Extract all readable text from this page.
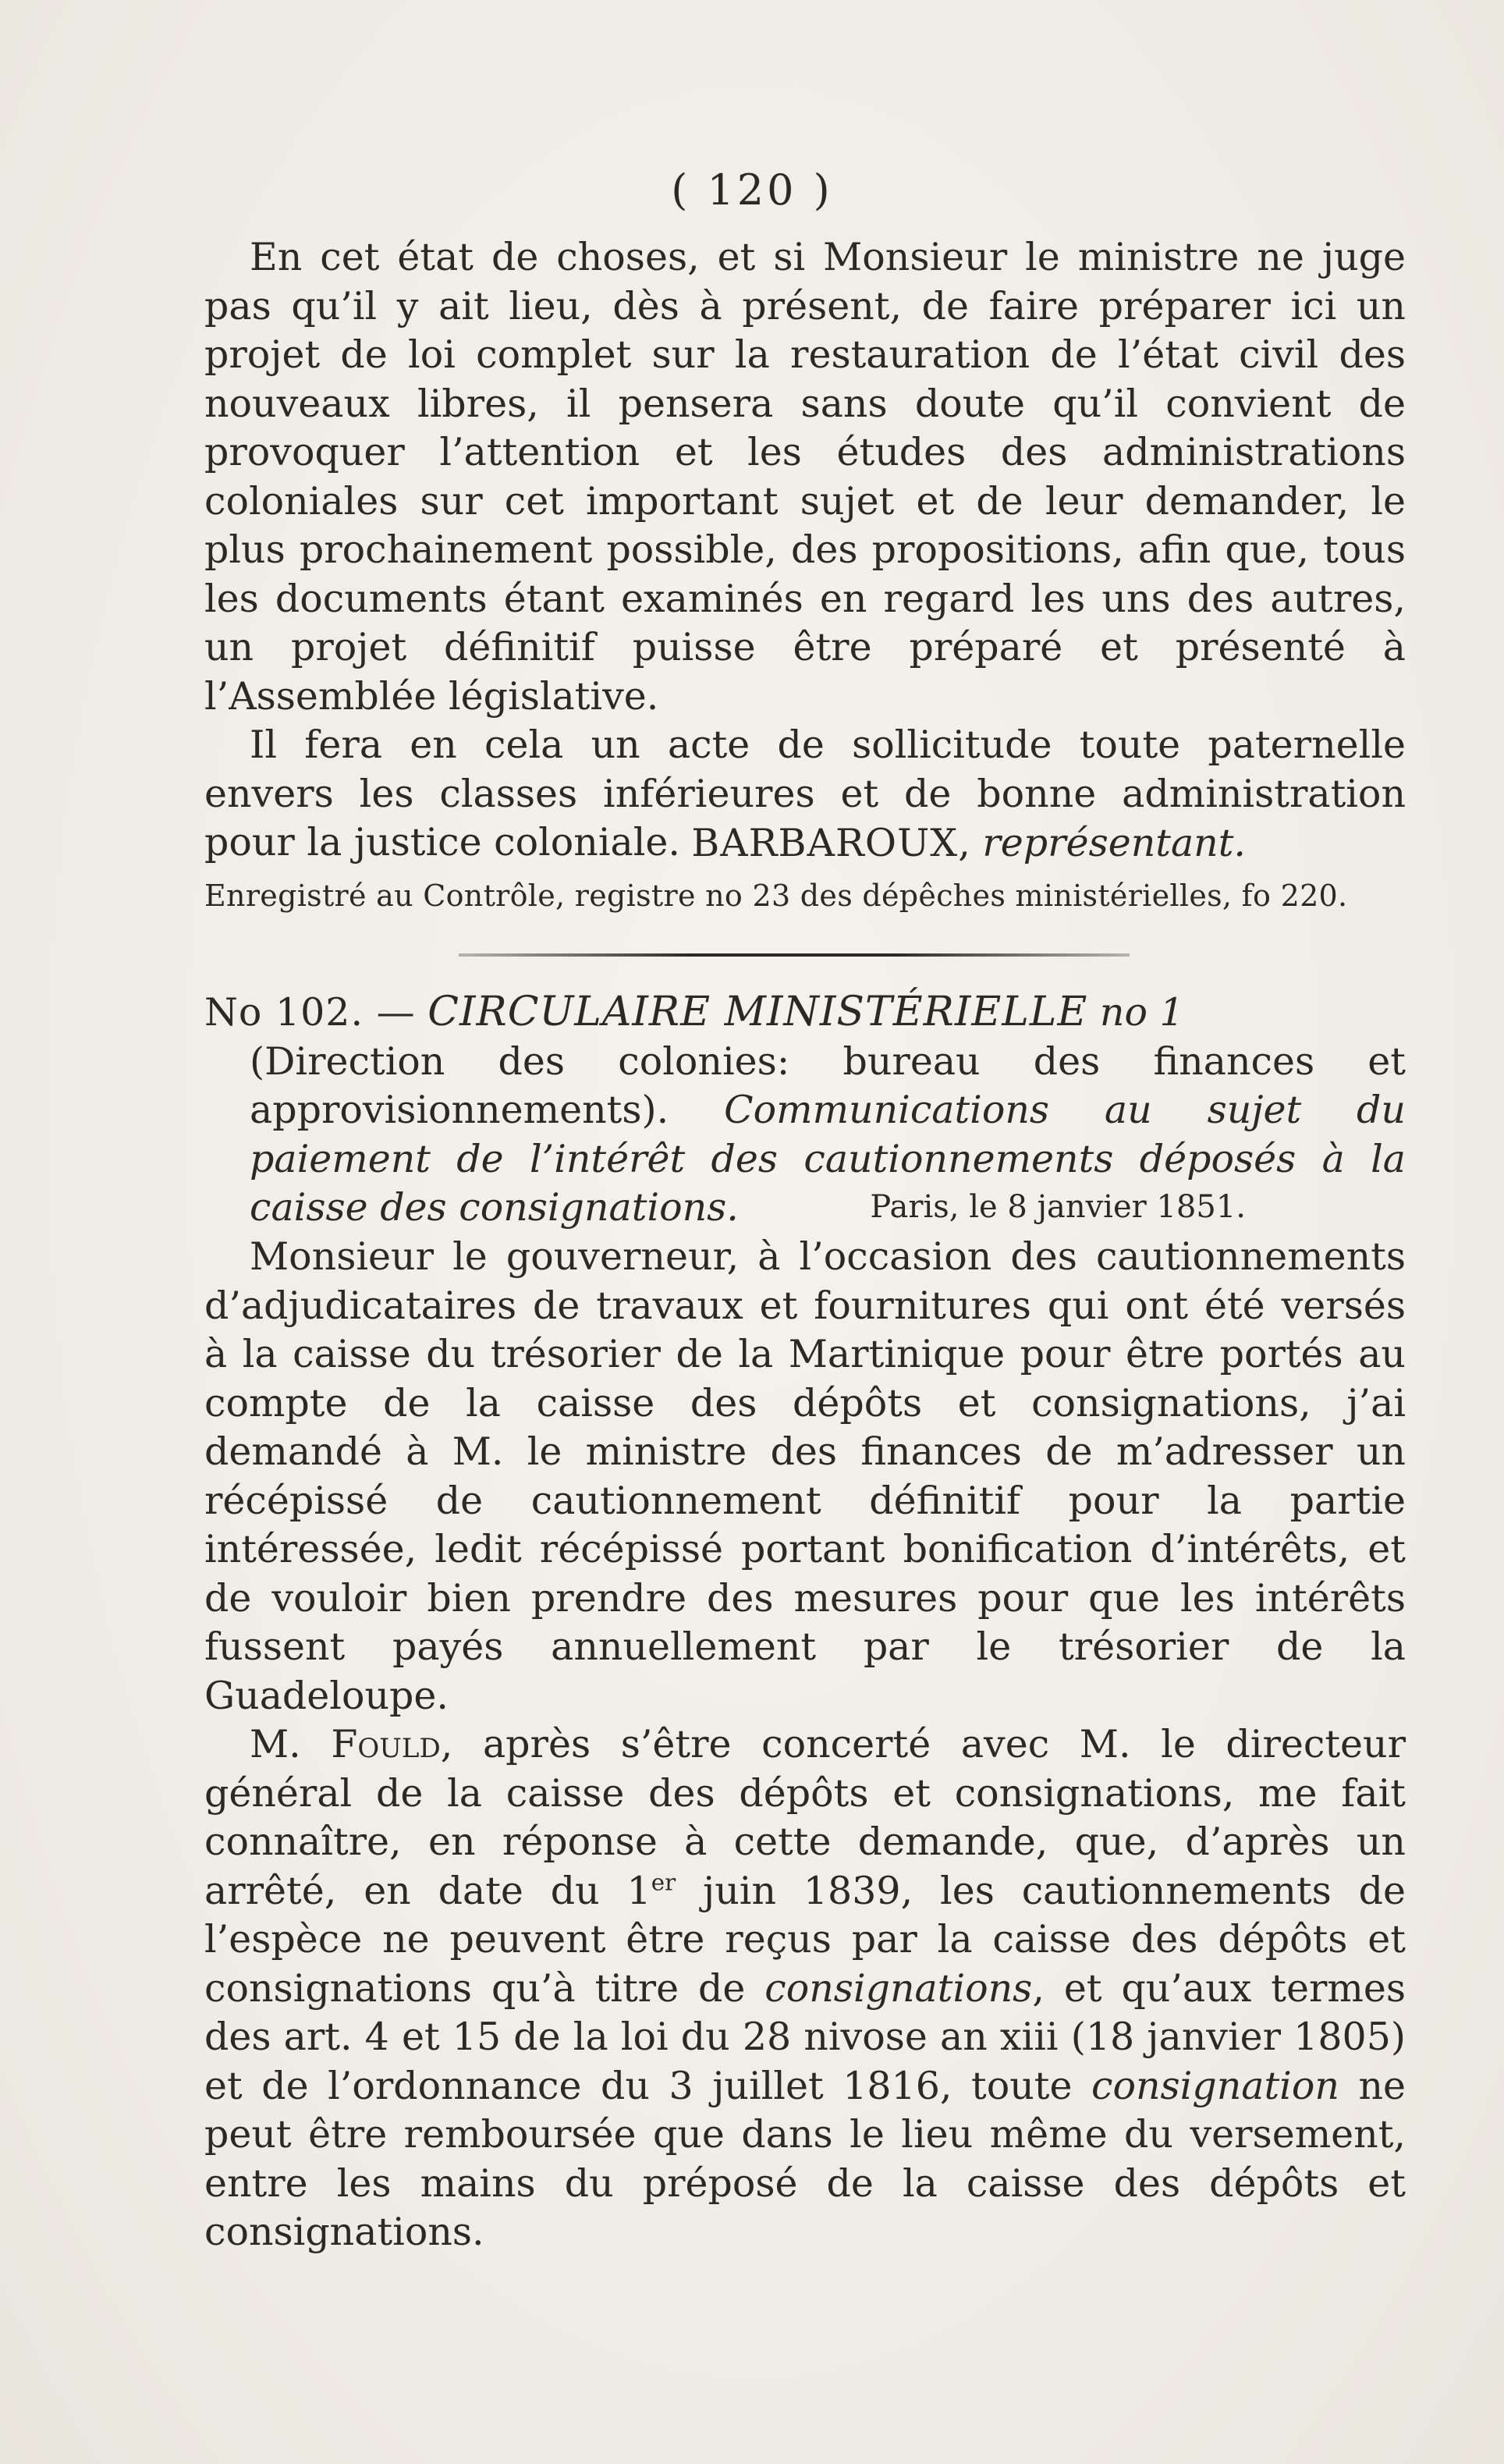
( 120 )

En cet état de choses, et si Monsieur le ministre ne juge pas qu’il y ait lieu, dès à présent, de faire préparer ici un projet de loi complet sur la restauration de l’état civil des nouveaux libres, il pensera sans doute qu’il convient de provoquer l’attention et les études des administrations coloniales sur cet important sujet et de leur demander, le plus prochainement possible, des propositions, afin que, tous les documents étant examinés en regard les uns des autres, un projet définitif puisse être préparé et présenté à l’Assemblée législative.

Il fera en cela un acte de sollicitude toute paternelle envers les classes inférieures et de bonne administration pour la justice coloniale. BARBAROUX, représentant.
Enregistré au Contrôle, registre no 23 des dépêches ministérielles, fo 220.
No 102. — CIRCULAIRE MINISTÉRIELLE no 1
(Direction des colonies: bureau des finances et approvisionnements). Communications au sujet du paiement de l’intérêt des cautionnements déposés à la caisse des consignations.	Paris, le 8 janvier 1851.

Monsieur le gouverneur, à l’occasion des cautionnements d’adjudicataires de travaux et fournitures qui ont été versés à la caisse du trésorier de la Martinique pour être portés au compte de la caisse des dépôts et consignations, j’ai demandé à M. le ministre des finances de m’adresser un récépissé de cautionnement définitif pour la partie intéressée, ledit récépissé portant bonification d’intérêts, et de vouloir bien prendre des mesures pour que les intérêts fussent payés annuellement par le trésorier de la Guadeloupe.

M. Fould, après s’être concerté avec M. le directeur général de la caisse des dépôts et consignations, me fait connaître, en réponse à cette demande, que, d’après un arrêté, en date du 1er juin 1839, les cautionnements de l’espèce ne peuvent être reçus par la caisse des dépôts et consignations qu’à titre de consignations, et qu’aux termes des art. 4 et 15 de la loi du 28 nivose an xiii (18 janvier 1805) et de l’ordonnance du 3 juillet 1816, toute consignation ne peut être remboursée que dans le lieu même du versement, entre les mains du préposé de la caisse des dépôts et consignations.
